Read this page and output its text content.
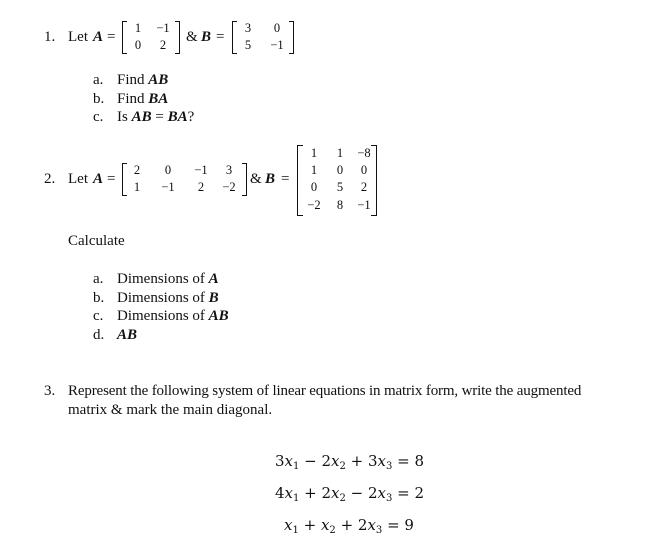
1. Let A =
1	−1
0	2	& B =
3	0
5	−1
a. Find AB
b. Find BA
c. Is AB = BA?
2. Let A =
2	0	−1	3
1	−1	2	−2 & B =
1	1	−8
1	0	0
0	5	2
−2	8	−1
Calculate
a. Dimensions of A
b. Dimensions of B
c. Dimensions of AB
d. AB
3. Represent the following system of linear equations in matrix form, write the augmented
matrix & mark the main diagonal.
$3x_1 - 2x_2 + 3x_3 = 8$
$4x_1 + 2x_2 - 2x_3 = 2$
$x_1 + x_2 + 2x_3 = 9$
